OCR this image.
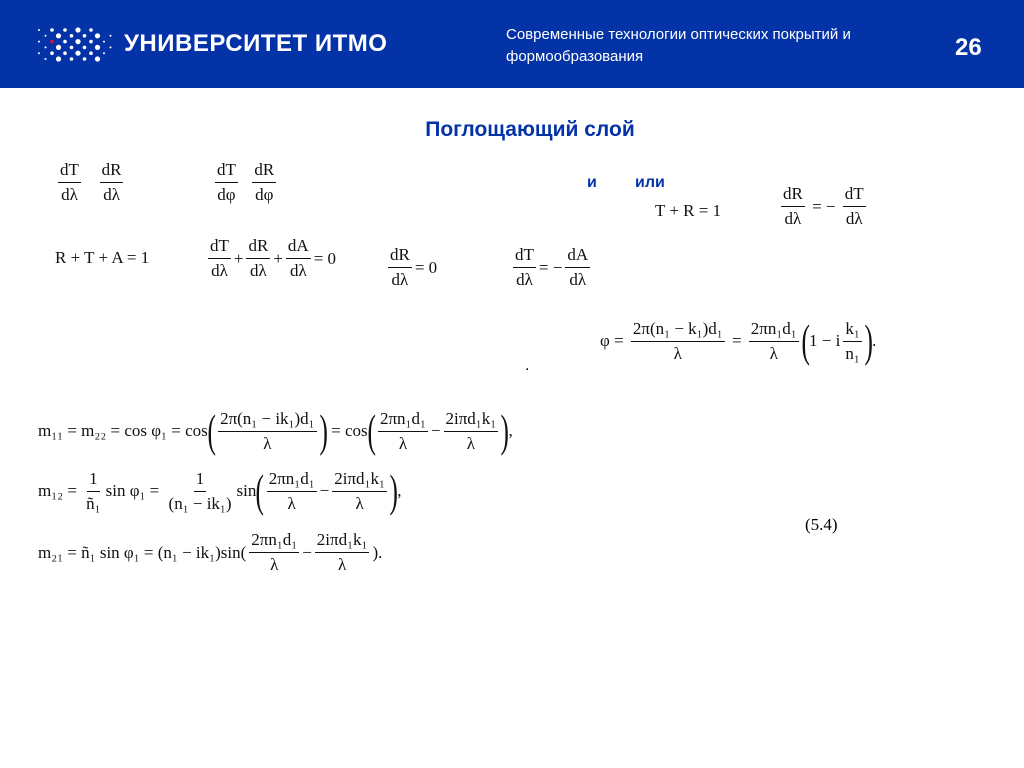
УНИВЕРСИТЕТ ИТМО	Современные технологии оптических покрытий и формообразования	26
Поглощающий слой
и или
.
(5.4)
$\frac{dT}{d\lambda}$
$\frac{dR}{d\lambda}$	$\frac{dT}{d\varphi}$
$\frac{dR}{d\varphi}$
T + R = 1	$\frac{dR}{d\lambda}$ = − $\frac{dT}{d\lambda}$
R + T + A = 1	$\frac{dT}{d\lambda} + \frac{dR}{d\lambda} + \frac{dA}{d\lambda} = 0$	$\frac{dR}{d\lambda} = 0$	$\frac{dT}{d\lambda}$ = − $\frac{dA}{d\lambda}$
$\varphi = \frac{\text{2π(n₁ − k₁)d₁}}{\lambda} = \frac{\text{2πn₁d₁}}{\lambda}$ ( 1 − i $\frac{\text{k₁}}{\text{n₁}}$ ) .
m₁₁ = m₂₂ = cos φ₁ = cos ( $\frac{\text{2π(n₁ − ik₁)d₁}}{\lambda}$ ) = cos ( $\frac{\text{2πn₁d₁}}{\lambda}$ −
2iπd₁k₁
λ ) ,
$m_{12} = \frac{1}{\text{ñ₁}}$ $\sin \varphi_1 = \frac{1}{\text{(n₁ − ik₁)}}$ sin ( $\frac{\text{2πn₁d₁}}{\lambda}$ −
2iπd₁k₁
λ ) ,
m₂₁ = ñ₁ $\sin \varphi_1 = (n_1 - ik_1)\sin( \frac{\text{2πn₁d₁}}{\lambda}$ −
2iπd₁k₁
λ
).
